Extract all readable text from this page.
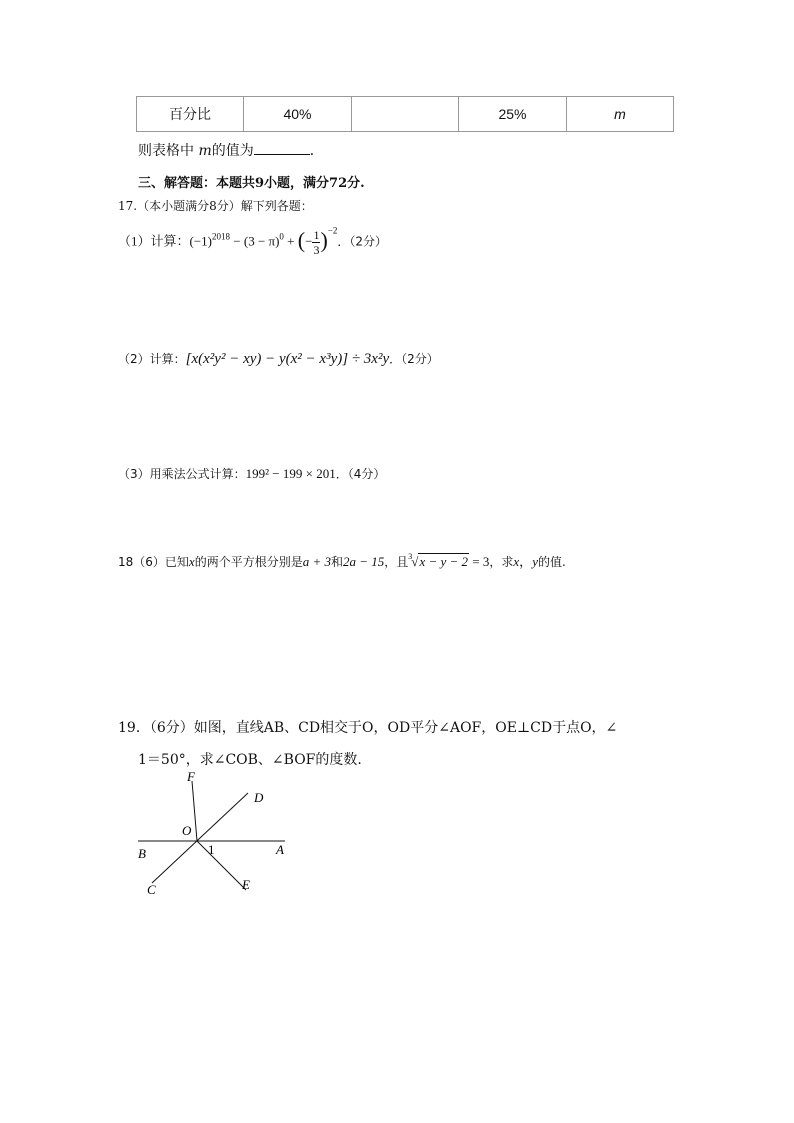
百分比	40%		25%	m
则表格中 m的值为	．
三、解答题：本题共9小题，满分72分.
17.（本小题满分8分）解下列各题：
（1）计算：$(-1)^{2018} - (3 - \pi)^0$ + (− $\frac{1}{3} )^{-2}$．（2分）
（2）计算：[x(x²y² − xy) − y(x² − x³y)] ÷ 3x²y．（2分）
（3）用乘法公式计算：199² − 199 × 201．（4分）
18（6）已知x的两个平方根分别是a + 3和2a − 15，且$^3$√x − y − 2 = 3，求x，y的值.
19．（6分）如图，直线AB、CD相交于O，OD平分∠AOF，OE⊥CD于点O，∠
1＝50°，求∠COB、∠BOF的度数.
F
D
O
B	1	A
C	E
